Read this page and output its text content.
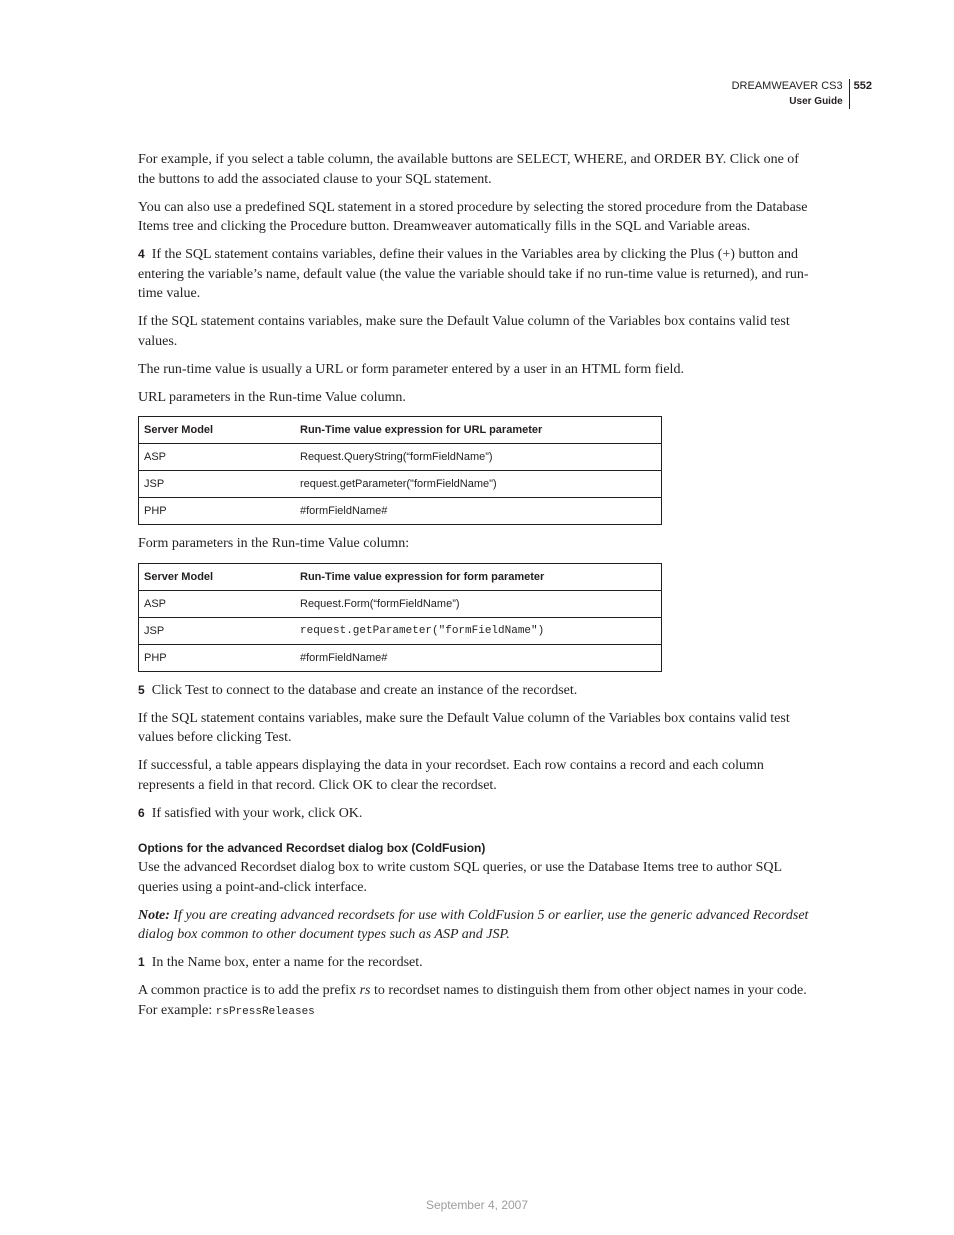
DREAMWEAVER CS3
User Guide
552

For example, if you select a table column, the available buttons are SELECT, WHERE, and ORDER BY. Click one of the buttons to add the associated clause to your SQL statement.

You can also use a predefined SQL statement in a stored procedure by selecting the stored procedure from the Database Items tree and clicking the Procedure button. Dreamweaver automatically fills in the SQL and Variable areas.

4 If the SQL statement contains variables, define their values in the Variables area by clicking the Plus (+) button and entering the variable’s name, default value (the value the variable should take if no run-time value is returned), and run-time value.

If the SQL statement contains variables, make sure the Default Value column of the Variables box contains valid test values.

The run-time value is usually a URL or form parameter entered by a user in an HTML form field.

URL parameters in the Run-time Value column.

Server Model	Run-Time value expression for URL parameter
ASP	Request.QueryString(“formFieldName”)
JSP	request.getParameter("formFieldName")
PHP	#formFieldName#

Form parameters in the Run-time Value column:

Server Model	Run-Time value expression for form parameter
ASP	Request.Form(“formFieldName”)
JSP	request.getParameter("formFieldName")
PHP	#formFieldName#

5 Click Test to connect to the database and create an instance of the recordset.

If the SQL statement contains variables, make sure the Default Value column of the Variables box contains valid test values before clicking Test.

If successful, a table appears displaying the data in your recordset. Each row contains a record and each column represents a field in that record. Click OK to clear the recordset.

6 If satisfied with your work, click OK.

Options for the advanced Recordset dialog box (ColdFusion)

Use the advanced Recordset dialog box to write custom SQL queries, or use the Database Items tree to author SQL queries using a point-and-click interface.

Note: If you are creating advanced recordsets for use with ColdFusion 5 or earlier, use the generic advanced Recordset dialog box common to other document types such as ASP and JSP.

1 In the Name box, enter a name for the recordset.

A common practice is to add the prefix rs to recordset names to distinguish them from other object names in your code. For example: rsPressReleases

September 4, 2007
